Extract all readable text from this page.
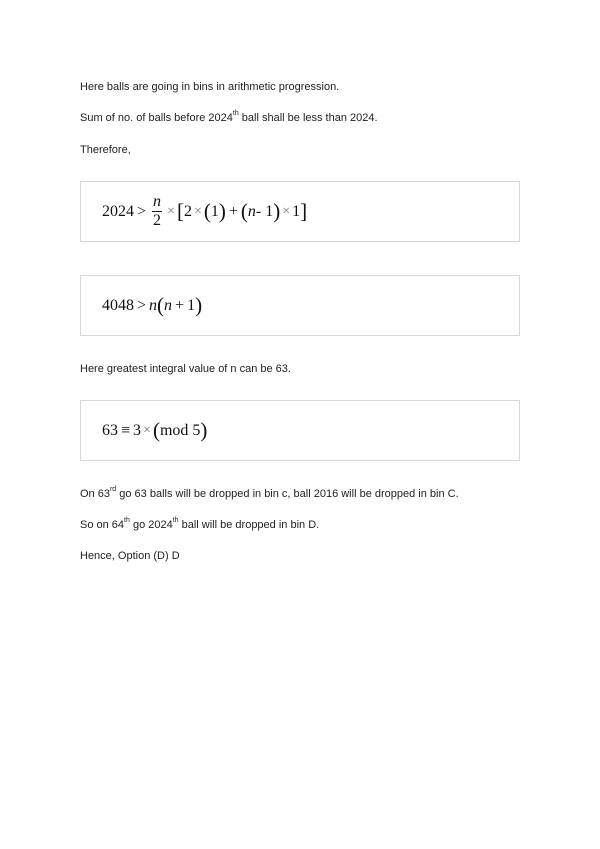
Here balls are going in bins in arithmetic progression.

Sum of no. of balls before 2024th ball shall be less than 2024.

Therefore,

$2024 > \frac{n}{2}$ × [ 2 × ( 1 ) + ( n - 1 ) × 1 ]
4048 > n ( n + 1 )

Here greatest integral value of n can be 63.

63 ≡ 3 × ( mod 5 )

On 63rd go 63 balls will be dropped in bin c, ball 2016 will be dropped in bin C.

So on 64th go 2024th ball will be dropped in bin D.

Hence, Option (D) D
